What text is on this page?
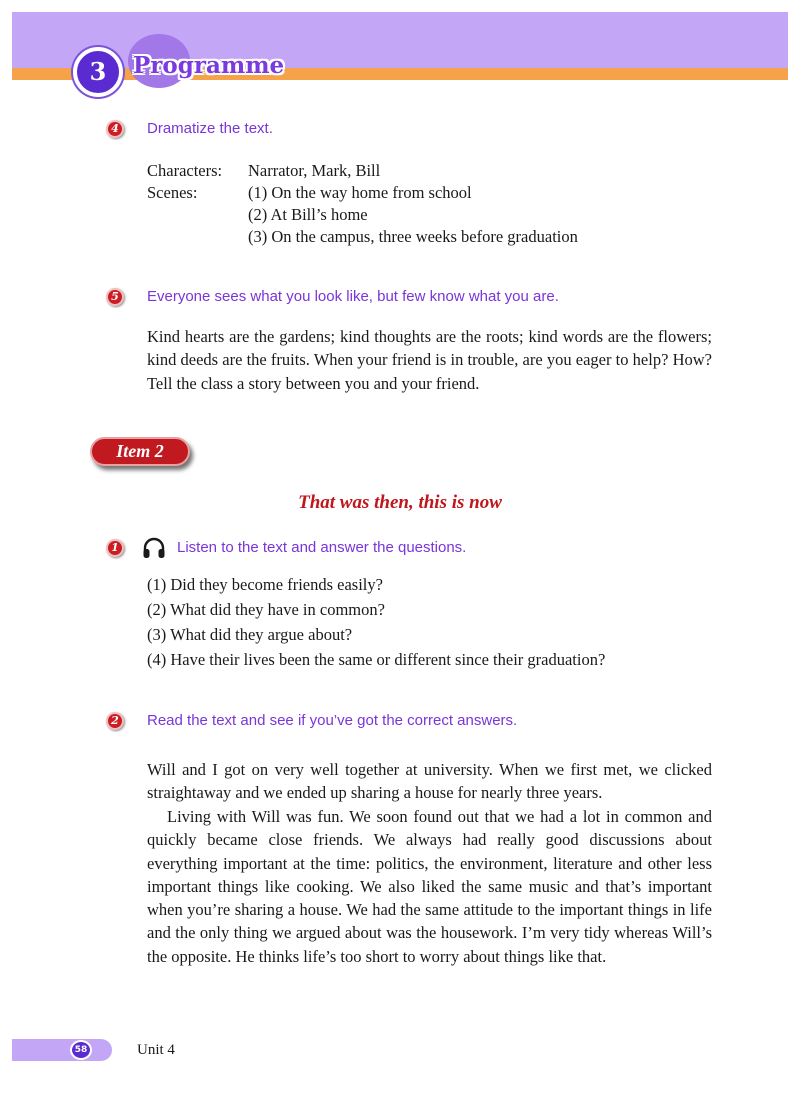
3	Programme
4	Dramatize the text.
Characters: Narrator, Mark, Bill
Scenes:	(1) On the way home from school
(2) At Bill’s home
(3) On the campus, three weeks before graduation
5	Everyone sees what you look like, but few know what you are.
Kind hearts are the gardens; kind thoughts are the roots; kind words are the flowers; kind deeds are the fruits. When your friend is in trouble, are you eager to help? How? Tell the class a story between you and your friend.
Item 2
That was then, this is now
1	Listen to the text and answer the questions.
(1) Did they become friends easily?
(2) What did they have in common?
(3) What did they argue about?
(4) Have their lives been the same or different since their graduation?
2	Read the text and see if you’ve got the correct answers.
Will and I got on very well together at university. When we first met, we clicked straightaway and we ended up sharing a house for nearly three years.
Living with Will was fun. We soon found out that we had a lot in common and quickly became close friends. We always had really good discussions about everything important at the time: politics, the environment, literature and other less important things like cooking. We also liked the same music and that’s important when you’re sharing a house. We had the same attitude to the important things in life and the only thing we argued about was the housework. I’m very tidy whereas Will’s the opposite. He thinks life’s too short to worry about things like that.
58	Unit 4
